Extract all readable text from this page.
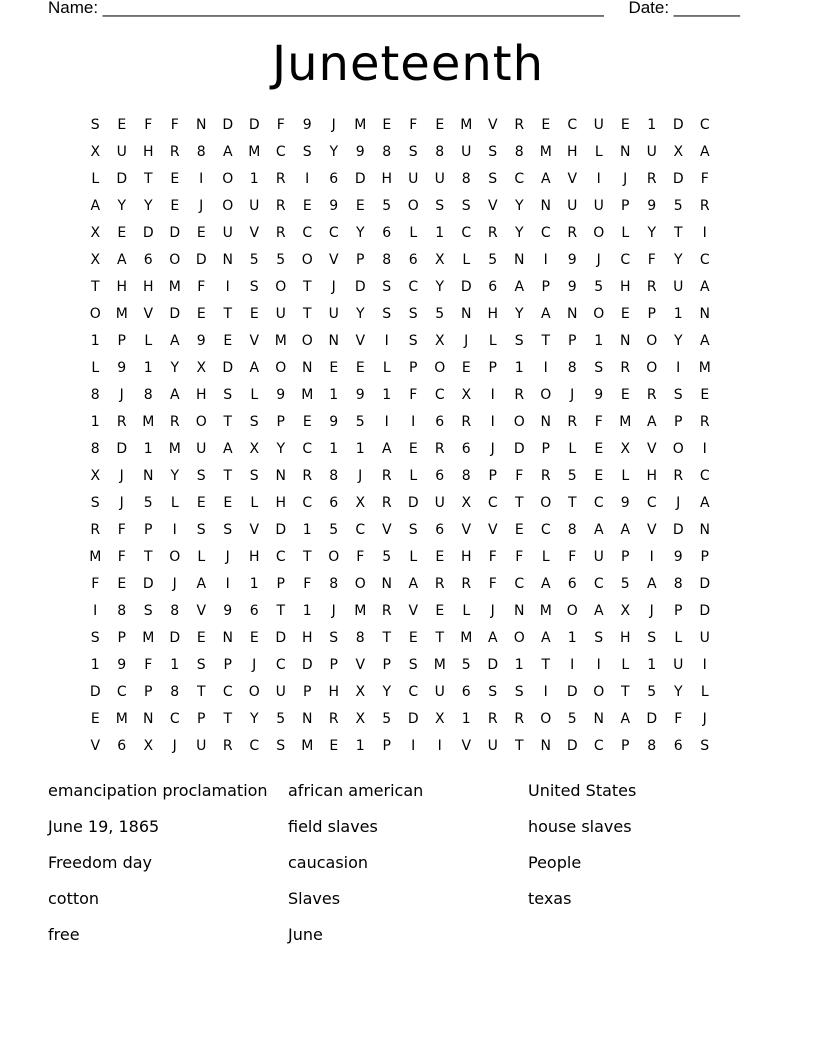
Name: _____________________________________________________ Date: _______
Juneteenth
S	E	F	F	N	D	D	F	9	J	M	E	F	E	M	V	R	E	C	U	E	1	D	C
X	U	H	R	8	A	M	C	S	Y	9	8	S	8	U	S	8	M	H	L	N	U	X	A
L	D	T	E	I	O	1	R	I	6	D	H	U	U	8	S	C	A	V	I	J	R	D	F
A	Y	Y	E	J	O	U	R	E	9	E	5	O	S	S	V	Y	N	U	U	P	9	5	R
X	E	D	D	E	U	V	R	C	C	Y	6	L	1	C	R	Y	C	R	O	L	Y	T	I
X	A	6	O	D	N	5	5	O	V	P	8	6	X	L	5	N	I	9	J	C	F	Y	C
T	H	H	M	F	I	S	O	T	J	D	S	C	Y	D	6	A	P	9	5	H	R	U	A
O	M	V	D	E	T	E	U	T	U	Y	S	S	5	N	H	Y	A	N	O	E	P	1	N
1	P	L	A	9	E	V	M	O	N	V	I	S	X	J	L	S	T	P	1	N	O	Y	A
L	9	1	Y	X	D	A	O	N	E	E	L	P	O	E	P	1	I	8	S	R	O	I	M
8	J	8	A	H	S	L	9	M	1	9	1	F	C	X	I	R	O	J	9	E	R	S	E
1	R	M	R	O	T	S	P	E	9	5	I	I	6	R	I	O	N	R	F	M	A	P	R
8	D	1	M	U	A	X	Y	C	1	1	A	E	R	6	J	D	P	L	E	X	V	O	I
X	J	N	Y	S	T	S	N	R	8	J	R	L	6	8	P	F	R	5	E	L	H	R	C
S	J	5	L	E	E	L	H	C	6	X	R	D	U	X	C	T	O	T	C	9	C	J	A
R	F	P	I	S	S	V	D	1	5	C	V	S	6	V	V	E	C	8	A	A	V	D	N
M	F	T	O	L	J	H	C	T	O	F	5	L	E	H	F	F	L	F	U	P	I	9	P
F	E	D	J	A	I	1	P	F	8	O	N	A	R	R	F	C	A	6	C	5	A	8	D
I	8	S	8	V	9	6	T	1	J	M	R	V	E	L	J	N	M	O	A	X	J	P	D
S	P	M	D	E	N	E	D	H	S	8	T	E	T	M	A	O	A	1	S	H	S	L	U
1	9	F	1	S	P	J	C	D	P	V	P	S	M	5	D	1	T	I	I	L	1	U	I
D	C	P	8	T	C	O	U	P	H	X	Y	C	U	6	S	S	I	D	O	T	5	Y	L
E	M	N	C	P	T	Y	5	N	R	X	5	D	X	1	R	R	O	5	N	A	D	F	J
V	6	X	J	U	R	C	S	M	E	1	P	I	I	V	U	T	N	D	C	P	8	6	S
emancipation proclamation
June 19, 1865
Freedom day
cotton
free
african american
field slaves
caucasion
Slaves
June
United States
house slaves
People
texas
